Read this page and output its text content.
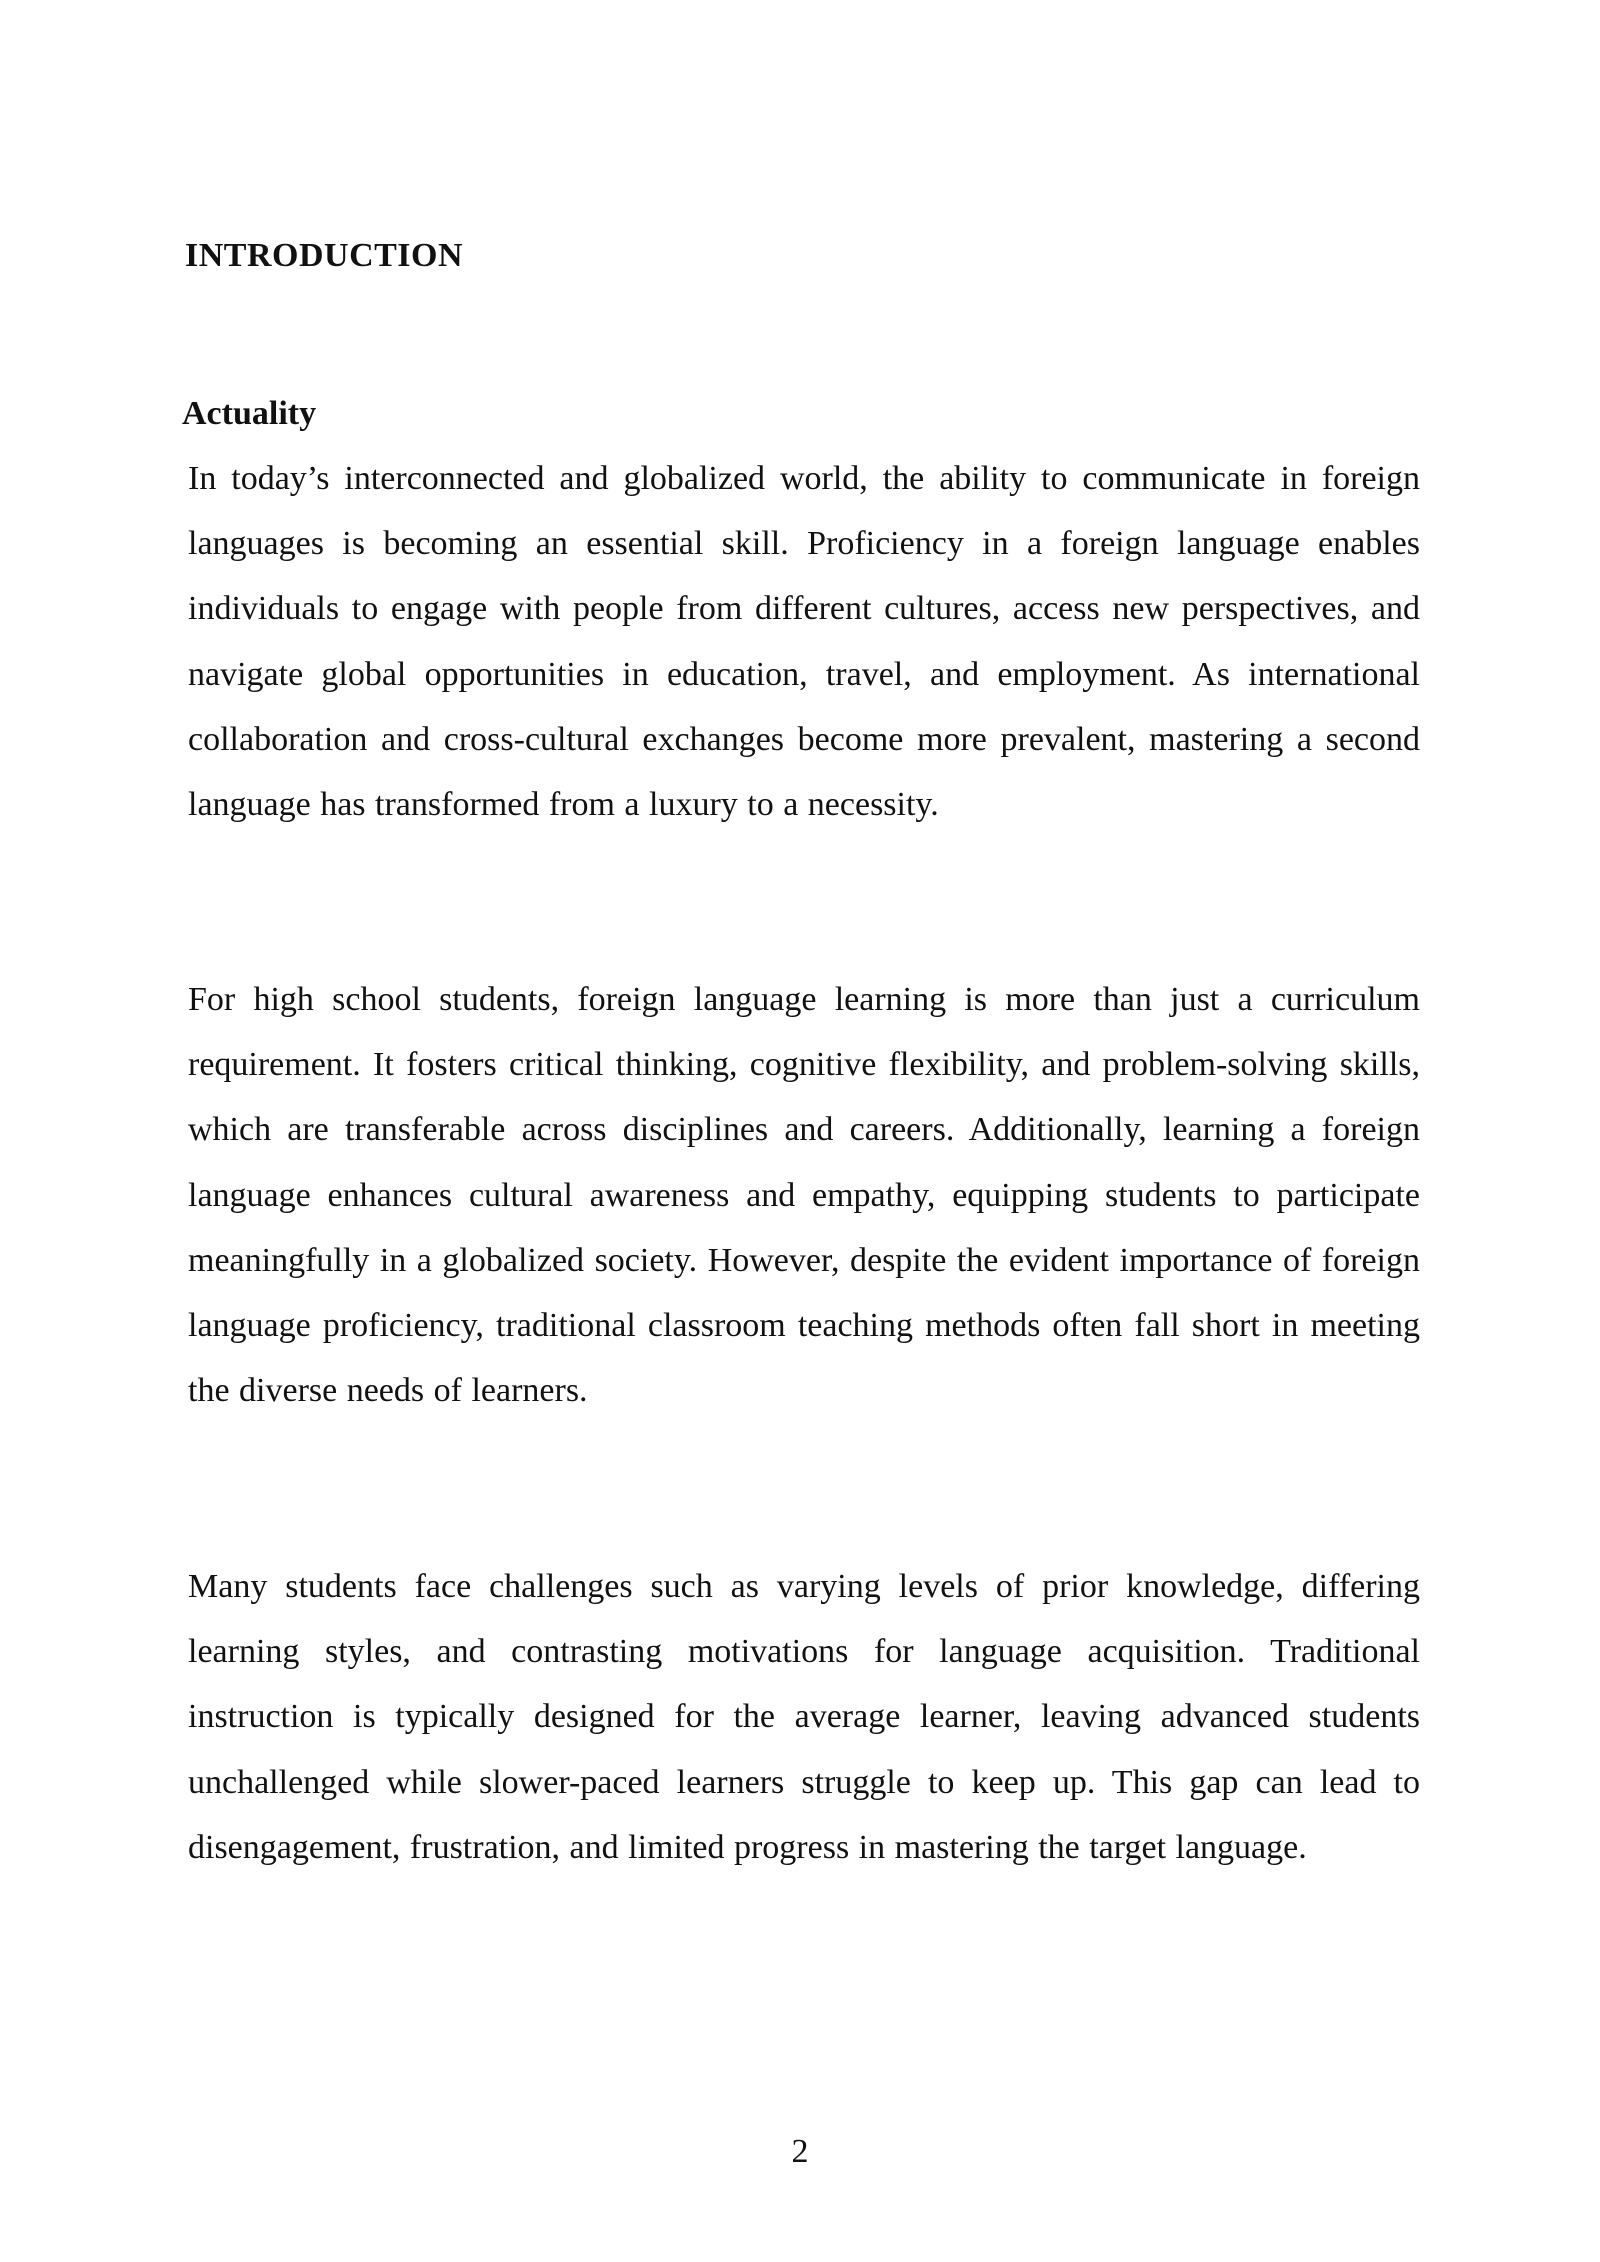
INTRODUCTION
Actuality

In today’s interconnected and globalized world, the ability to communicate in foreign languages is becoming an essential skill. Proficiency in a foreign language enables individuals to engage with people from different cultures, access new perspectives, and navigate global opportunities in education, travel, and employment. As international collaboration and cross-cultural exchanges become more prevalent, mastering a second language has transformed from a luxury to a necessity.

For high school students, foreign language learning is more than just a curriculum requirement. It fosters critical thinking, cognitive flexibility, and problem-solving skills, which are transferable across disciplines and careers. Additionally, learning a foreign language enhances cultural awareness and empathy, equipping students to participate meaningfully in a globalized society. However, despite the evident importance of foreign language proficiency, traditional classroom teaching methods often fall short in meeting the diverse needs of learners.

Many students face challenges such as varying levels of prior knowledge, differing learning styles, and contrasting motivations for language acquisition. Traditional instruction is typically designed for the average learner, leaving advanced students unchallenged while slower-paced learners struggle to keep up. This gap can lead to disengagement, frustration, and limited progress in mastering the target language.

2
